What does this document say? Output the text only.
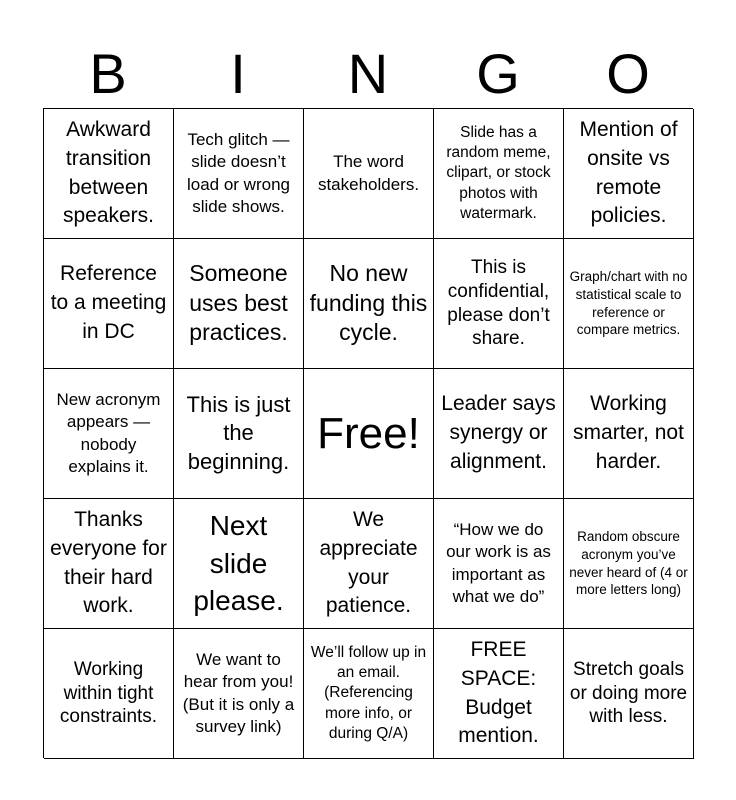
B	I	N	G	O
Awkward transition between speakers.
Tech glitch — slide doesn’t load or wrong slide shows.
The word stakeholders.
Slide has a random meme, clipart, or stock photos with watermark.
Mention of onsite vs remote policies.
Reference to a meeting in DC
Someone uses best practices.
No new funding this cycle.
This is confidential, please don’t share.
Graph/chart with no statistical scale to reference or compare metrics.
New acronym appears — nobody explains it.
This is just the beginning.
Free!
Leader says synergy or alignment.
Working smarter, not harder.
Thanks everyone for their hard work.
Next slide please.
We appreciate your patience.
“How we do our work is as important as what we do”
Random obscure acronym you’ve never heard of (4 or more letters long)
Working within tight constraints.
We want to hear from you! (But it is only a survey link)
We’ll follow up in an email. (Referencing more info, or during Q/A)
FREE SPACE: Budget mention.
Stretch goals or doing more with less.
